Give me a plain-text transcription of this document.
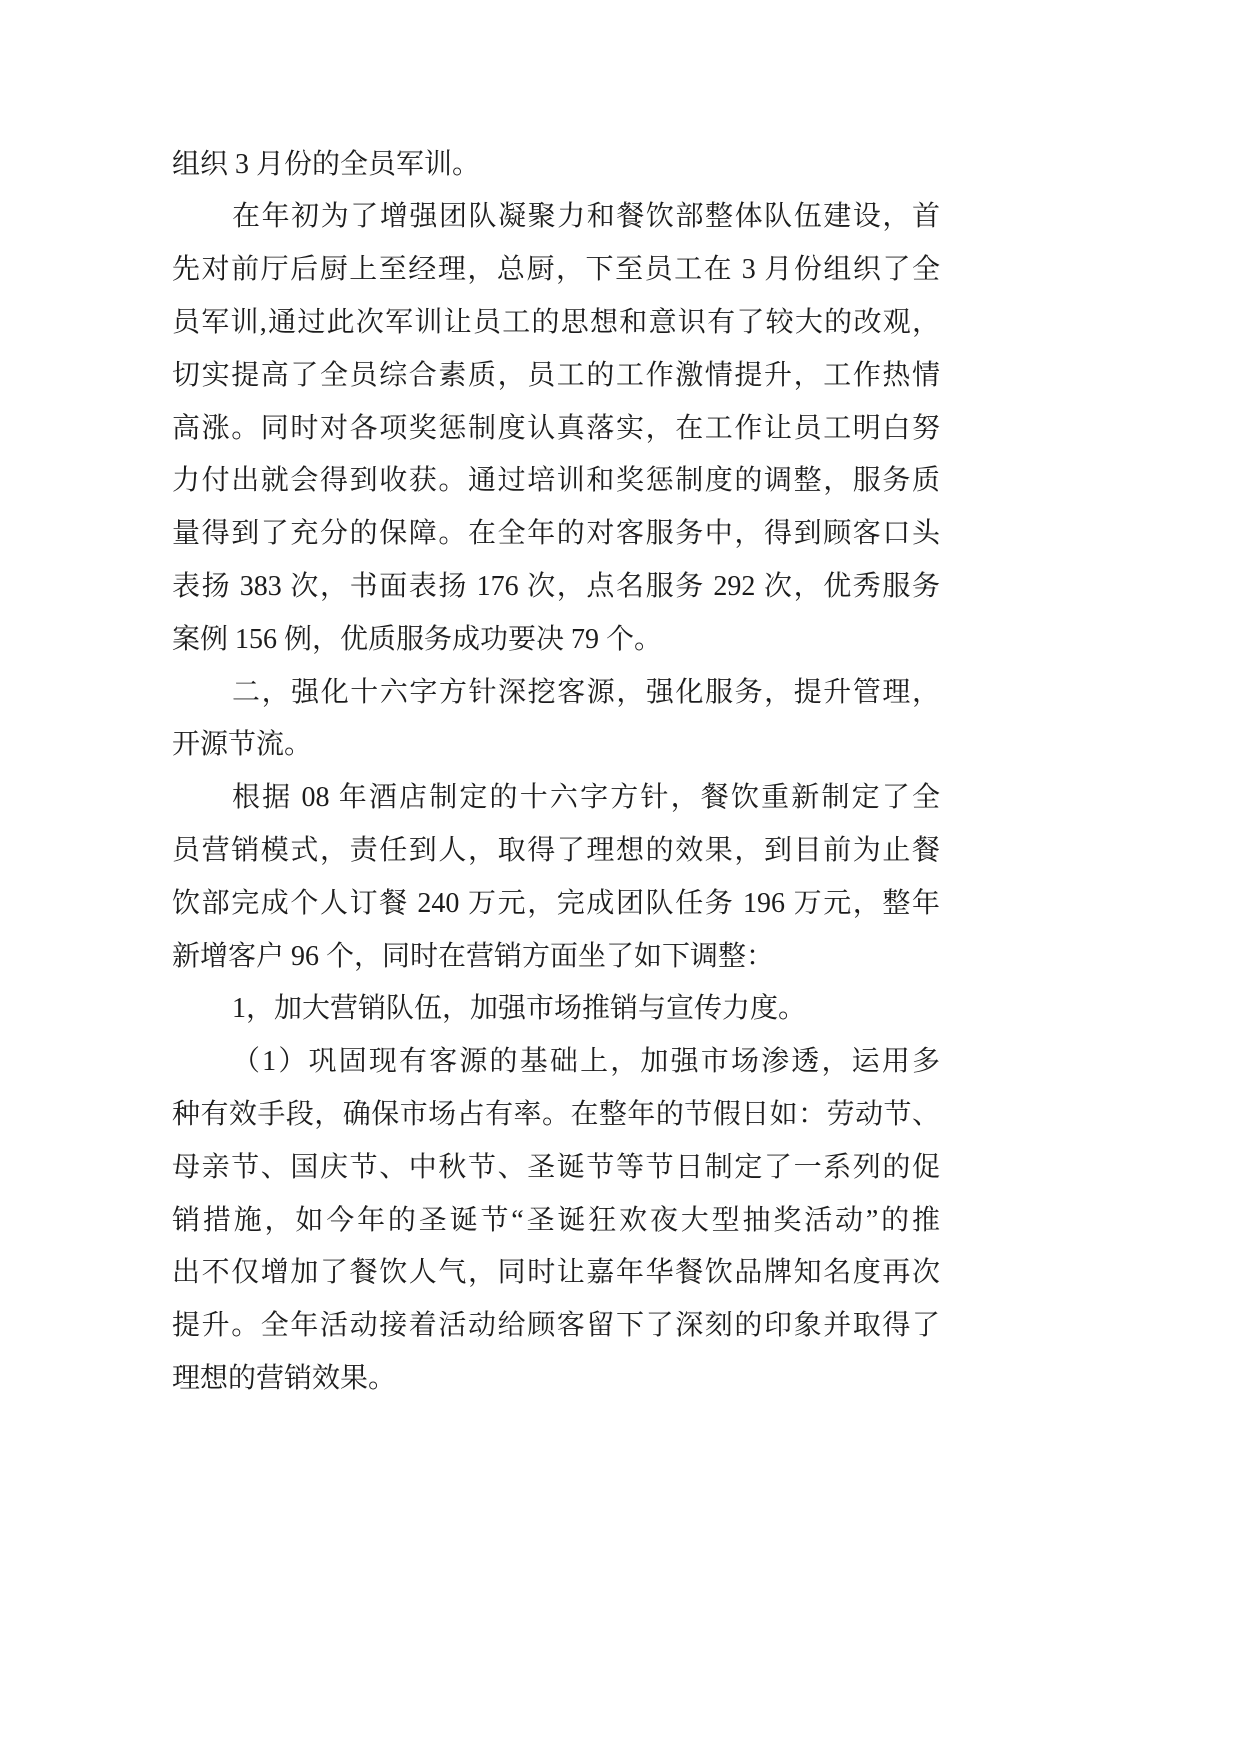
组织 3 月份的全员军训。
在年初为了增强团队凝聚力和餐饮部整体队伍建设，首
先对前厅后厨上至经理，总厨，下至员工在 3 月份组织了全
员军训,通过此次军训让员工的思想和意识有了较大的改观，
切实提高了全员综合素质，员工的工作激情提升，工作热情
高涨。同时对各项奖惩制度认真落实，在工作让员工明白努
力付出就会得到收获。通过培训和奖惩制度的调整，服务质
量得到了充分的保障。在全年的对客服务中，得到顾客口头
表扬 383 次，书面表扬 176 次，点名服务 292 次，优秀服务
案例 156 例，优质服务成功要决 79 个。
二，强化十六字方针深挖客源，强化服务，提升管理，
开源节流。
根据 08 年酒店制定的十六字方针，餐饮重新制定了全
员营销模式，责任到人，取得了理想的效果，到目前为止餐
饮部完成个人订餐 240 万元，完成团队任务 196 万元，整年
新增客户 96 个，同时在营销方面坐了如下调整：
1，加大营销队伍，加强市场推销与宣传力度。
（1）巩固现有客源的基础上，加强市场渗透，运用多
种有效手段，确保市场占有率。在整年的节假日如：劳动节、
母亲节、国庆节、中秋节、圣诞节等节日制定了一系列的促
销措施，如今年的圣诞节“圣诞狂欢夜大型抽奖活动”的推
出不仅增加了餐饮人气，同时让嘉年华餐饮品牌知名度再次
提升。全年活动接着活动给顾客留下了深刻的印象并取得了
理想的营销效果。
